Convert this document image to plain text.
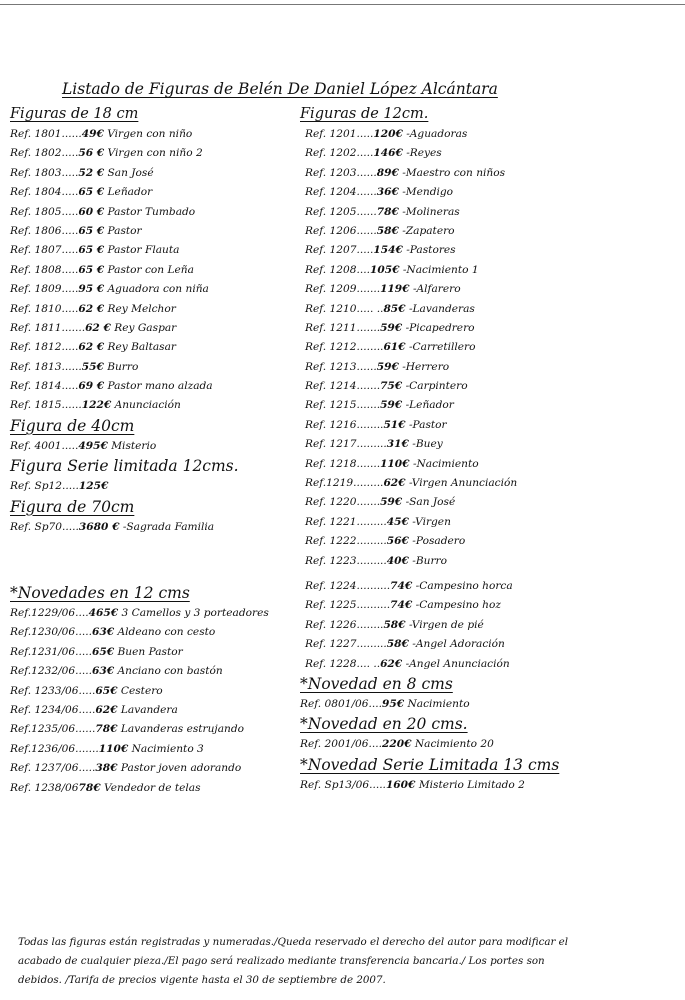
Listado de Figuras de Belén De Daniel López Alcántara
Figuras de 18 cm
Ref. 1801......49€ Virgen con niño
Ref. 1802.....56 € Virgen con niño 2
Ref. 1803.....52 € San José
Ref. 1804.....65 € Leñador
Ref. 1805.....60 € Pastor Tumbado
Ref. 1806.....65 € Pastor
Ref. 1807.....65 € Pastor Flauta
Ref. 1808.....65 € Pastor con Leña
Ref. 1809.....95 € Aguadora con niña
Ref. 1810.....62 € Rey Melchor
Ref. 1811.......62 € Rey Gaspar
Ref. 1812.....62 € Rey Baltasar
Ref. 1813......55€ Burro
Ref. 1814.....69 € Pastor mano alzada
Ref. 1815......122€ Anunciación
Figura de 40cm
Ref. 4001.....495€ Misterio
Figura Serie limitada 12cms.
Ref. Sp12.....125€
Figura de 70cm
Ref. Sp70.....3680 € -Sagrada Familia
*Novedades en 12 cms
Ref.1229/06....465€ 3 Camellos y 3 porteadores
Ref.1230/06.....63€ Aldeano con cesto
Ref.1231/06.....65€ Buen Pastor
Ref.1232/06.....63€ Anciano con bastón
Ref. 1233/06.....65€ Cestero
Ref. 1234/06.....62€ Lavandera
Ref.1235/06......78€ Lavanderas estrujando
Ref.1236/06.......110€ Nacimiento 3
Ref. 1237/06.....38€ Pastor joven adorando
Ref. 1238/0678€ Vendedor de telas
Figuras de 12cm.
Ref. 1201.....120€ -Aguadoras
Ref. 1202.....146€ -Reyes
Ref. 1203......89€ -Maestro con niños
Ref. 1204......36€ -Mendigo
Ref. 1205......78€ -Molineras
Ref. 1206......58€ -Zapatero
Ref. 1207.....154€ -Pastores
Ref. 1208....105€ -Nacimiento 1
Ref. 1209.......119€ -Alfarero
Ref. 1210..... ..85€ -Lavanderas
Ref. 1211.......59€ -Picapedrero
Ref. 1212........61€ -Carretillero
Ref. 1213......59€ -Herrero
Ref. 1214.......75€ -Carpintero
Ref. 1215.......59€ -Leñador
Ref. 1216........51€ -Pastor
Ref. 1217.........31€ -Buey
Ref. 1218.......110€ -Nacimiento
Ref.1219.........62€ -Virgen Anunciación
Ref. 1220.......59€ -San José
Ref. 1221.........45€ -Virgen
Ref. 1222.........56€ -Posadero
Ref. 1223.........40€ -Burro
Ref. 1224..........74€ -Campesino horca
Ref. 1225..........74€ -Campesino hoz
Ref. 1226........58€ -Virgen de pié
Ref. 1227.........58€ -Angel Adoración
Ref. 1228.... ..62€ -Angel Anunciación
*Novedad en 8 cms
Ref. 0801/06....95€ Nacimiento
*Novedad en 20 cms.
Ref. 2001/06....220€ Nacimiento 20
*Novedad Serie Limitada 13 cms
Ref. Sp13/06.....160€ Misterio Limitado 2
Todas las figuras están registradas y numeradas./Queda reservado el derecho del autor para modificar el
acabado de cualquier pieza./El pago será realizado mediante transferencia bancaria./ Los portes son
debidos. /Tarifa de precios vigente hasta el 30 de septiembre de 2007.
